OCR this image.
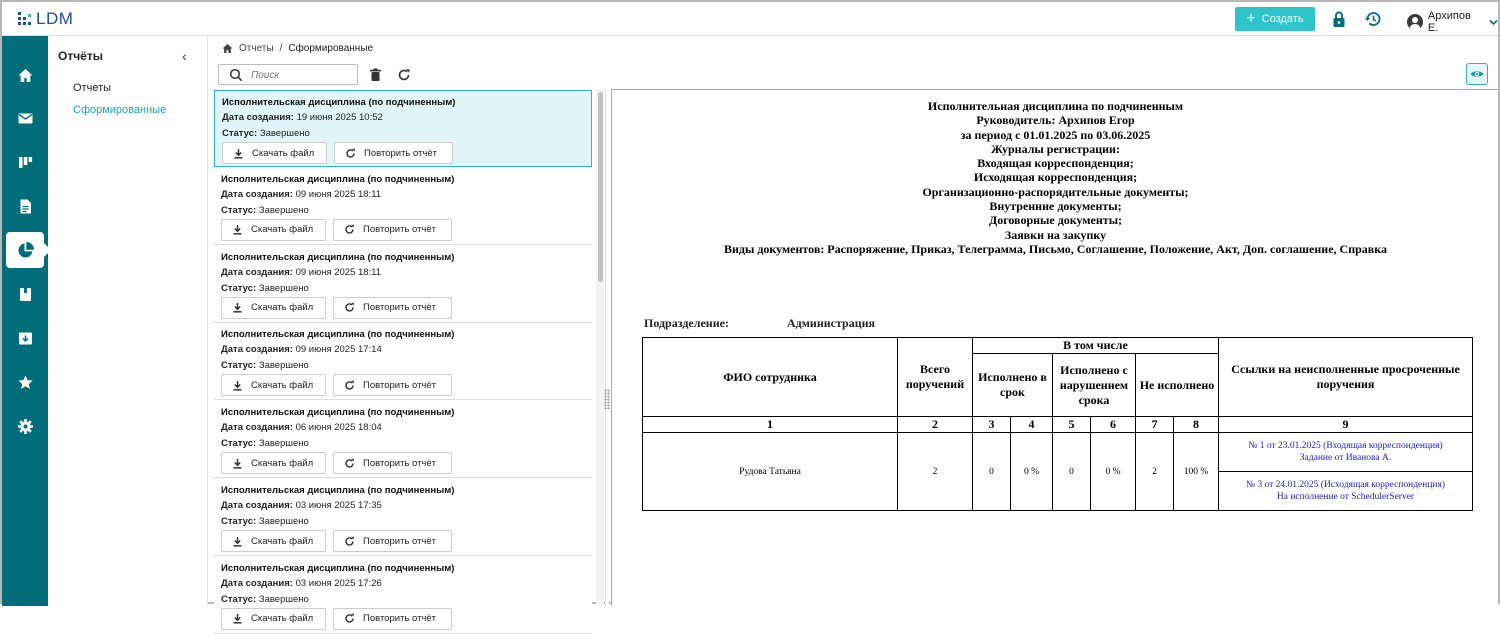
LDM	+ Создать	Архипов Е.
Отчёты	‹
Отчеты
Сформированные
Отчеты / Сформированные
Поиск
Исполнительская дисциплина (по подчиненным)
Дата создания: 19 июня 2025 10:52
Статус: Завершено
Скачать файл	Повторить отчёт
Исполнительская дисциплина (по подчиненным)
Дата создания: 09 июня 2025 18:11
Статус: Завершено
Скачать файл	Повторить отчёт
Исполнительская дисциплина (по подчиненным)
Дата создания: 09 июня 2025 18:11
Статус: Завершено
Скачать файл	Повторить отчёт
Исполнительская дисциплина (по подчиненным)
Дата создания: 09 июня 2025 17:14
Статус: Завершено
Скачать файл	Повторить отчёт
Исполнительская дисциплина (по подчиненным)
Дата создания: 06 июня 2025 18:04
Статус: Завершено
Скачать файл	Повторить отчёт
Исполнительская дисциплина (по подчиненным)
Дата создания: 03 июня 2025 17:35
Статус: Завершено
Скачать файл	Повторить отчёт
Исполнительская дисциплина (по подчиненным)
Дата создания: 03 июня 2025 17:26
Статус: Завершено
Скачать файл	Повторить отчёт
Исполнительная дисциплина по подчиненным
Руководитель: Архипов Егор
за период с 01.01.2025 по 03.06.2025
Журналы регистрации:
Входящая корреспонденция;
Исходящая корреспонденция;
Организационно-распорядительные документы;
Внутренние документы;
Договорные документы;
Заявки на закупку
Виды документов: Распоряжение, Приказ, Телеграмма, Письмо, Соглашение, Положение, Акт, Доп. соглашение, Справка
Подразделение:	Администрация
ФИО сотрудника	Всего поручений	В том числе						Ссылки на неисполненные просроченные поручения
		Исполнено в срок		Исполнено с нарушением срока		Не исполнено		
1	2	3	4	5	6	7	8	9
Рудова Татьяна	2	0	0 %	0	0 %	2	100 %	№ 1 от 23.01.2025 (Входящая корреспонденция)
Задание от Иванова А.

								№ 3 от 24.01.2025 (Исходящая корреспонденция)
На исполнение от SchedulerServer
